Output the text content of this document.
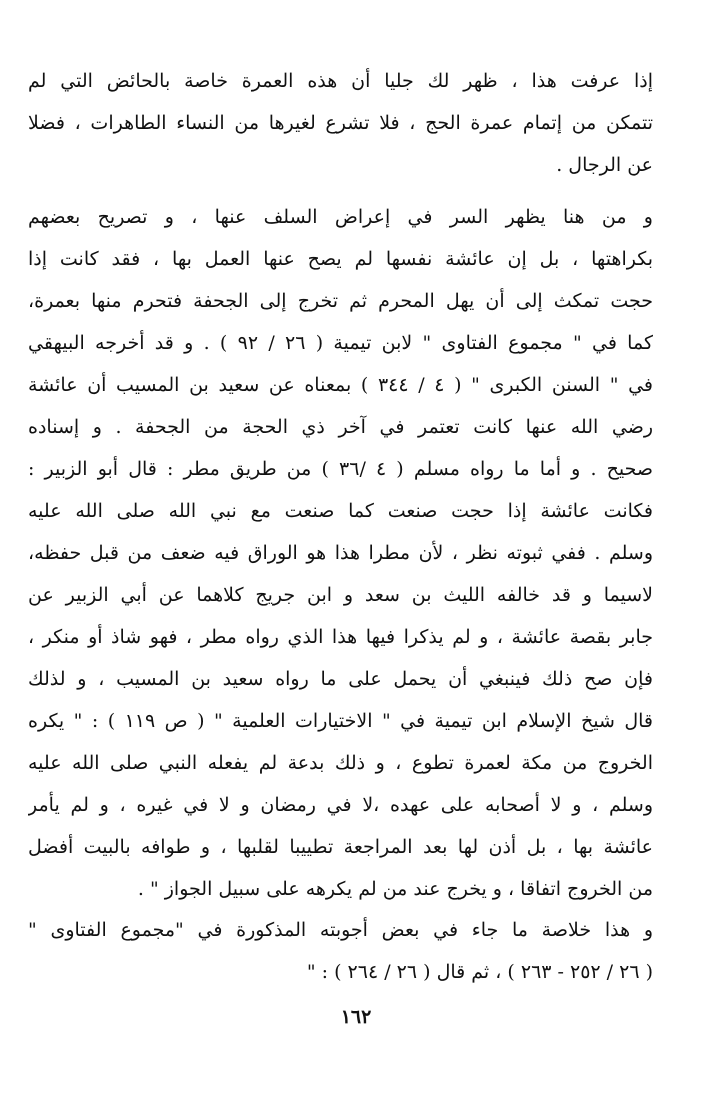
إذا عرفت هذا ، ظهر لك جليا أن هذه العمرة خاصة بالحائض التي لم
تتمكن من إتمام عمرة الحج ، فلا تشرع لغيرها من النساء الطاهرات ، فضلا
عن الرجال .
و من هنا يظهر السر في إعراض السلف عنها ، و تصريح بعضهم
بكراهتها ، بل إن عائشة نفسها لم يصح عنها العمل بها ، فقد كانت إذا
حجت تمكث إلى أن يهل المحرم ثم تخرج إلى الجحفة فتحرم منها بعمرة،
كما في " مجموع الفتاوى " لابن تيمية ( ٢٦ / ٩٢ ) . و قد أخرجه البيهقي
في " السنن الكبرى " ( ٤ / ٣٤٤ ) بمعناه عن سعيد بن المسيب أن عائشة
رضي الله عنها كانت تعتمر في آخر ذي الحجة من الجحفة . و إسناده
صحيح . و أما ما رواه مسلم ( ٤ /٣٦ ) من طريق مطر : قال أبو الزبير :
فكانت عائشة إذا حجت صنعت كما صنعت مع نبي الله صلى الله عليه
وسلم . ففي ثبوته نظر ، لأن مطرا هذا هو الوراق فيه ضعف من قبل حفظه،
لاسيما و قد خالفه الليث بن سعد و ابن جريج كلاهما عن أبي الزبير عن
جابر بقصة عائشة ، و لم يذكرا فيها هذا الذي رواه مطر ، فهو شاذ أو منكر ،
فإن صح ذلك فينبغي أن يحمل على ما رواه سعيد بن المسيب ، و لذلك
قال شيخ الإسلام ابن تيمية في " الاختيارات العلمية " ( ص ١١٩ ) : " يكره
الخروج من مكة لعمرة تطوع ، و ذلك بدعة لم يفعله النبي صلى الله عليه
وسلم ، و لا أصحابه على عهده ،لا في رمضان و لا في غيره ، و لم يأمر
عائشة بها ، بل أذن لها بعد المراجعة تطييبا لقلبها ، و طوافه بالبيت أفضل
من الخروج اتفاقا ، و يخرج عند من لم يكرهه على سبيل الجواز " .
و هذا خلاصة ما جاء في بعض أجوبته المذكورة في "مجموع الفتاوى "
( ٢٦ / ٢٥٢ - ٢٦٣ ) ، ثم قال ( ٢٦ / ٢٦٤ ) : "
١٦٢
